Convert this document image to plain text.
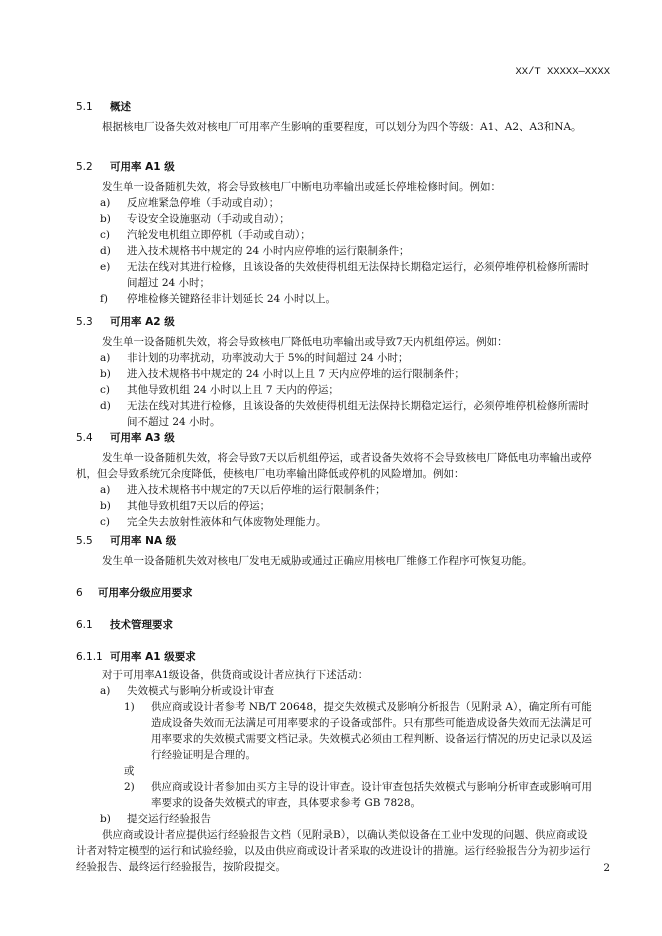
XX/T XXXXX—XXXX
5.1 概述
根据核电厂设备失效对核电厂可用率产生影响的重要程度，可以划分为四个等级：A1、A2、A3和NA。
5.2 可用率 A1 级
发生单一设备随机失效，将会导致核电厂中断电功率输出或延长停堆检修时间。例如：
a) 反应堆紧急停堆（手动或自动）；
b) 专设安全设施驱动（手动或自动）；
c) 汽轮发电机组立即停机（手动或自动）；
d) 进入技术规格书中规定的 24 小时内应停堆的运行限制条件；
e) 无法在线对其进行检修，且该设备的失效使得机组无法保持长期稳定运行，必须停堆停机检修所需时间超过 24 小时；
f) 停堆检修关键路径非计划延长 24 小时以上。
5.3 可用率 A2 级
发生单一设备随机失效，将会导致核电厂降低电功率输出或导致7天内机组停运。例如：
a) 非计划的功率扰动，功率波动大于 5%的时间超过 24 小时；
b) 进入技术规格书中规定的 24 小时以上且 7 天内应停堆的运行限制条件；
c) 其他导致机组 24 小时以上且 7 天内的停运；
d) 无法在线对其进行检修，且该设备的失效使得机组无法保持长期稳定运行，必须停堆停机检修所需时间不超过 24 小时。
5.4 可用率 A3 级
发生单一设备随机失效，将会导致7天以后机组停运，或者设备失效将不会导致核电厂降低电功率输出或停机，但会导致系统冗余度降低，使核电厂电功率输出降低或停机的风险增加。例如：
a) 进入技术规格书中规定的7天以后停堆的运行限制条件；
b) 其他导致机组7天以后的停运；
c) 完全失去放射性液体和气体废物处理能力。
5.5 可用率 NA 级
发生单一设备随机失效对核电厂发电无威胁或通过正确应用核电厂维修工作程序可恢复功能。
6 可用率分级应用要求
6.1 技术管理要求
6.1.1 可用率 A1 级要求
对于可用率A1级设备，供货商或设计者应执行下述活动：
a) 失效模式与影响分析或设计审查
1) 供应商或设计者参考 NB/T 20648，提交失效模式及影响分析报告（见附录 A），确定所有可能造成设备失效而无法满足可用率要求的子设备或部件。只有那些可能造成设备失效而无法满足可用率要求的失效模式需要文档记录。失效模式必须由工程判断、设备运行情况的历史记录以及运行经验证明是合理的。
或
2) 供应商或设计者参加由买方主导的设计审查。设计审查包括失效模式与影响分析审查或影响可用率要求的设备失效模式的审查，具体要求参考 GB 7828。
b) 提交运行经验报告
供应商或设计者应提供运行经验报告文档（见附录B），以确认类似设备在工业中发现的问题、供应商或设计者对特定模型的运行和试验经验，以及由供应商或设计者采取的改进设计的措施。运行经验报告分为初步运行经验报告、最终运行经验报告，按阶段提交。	2
